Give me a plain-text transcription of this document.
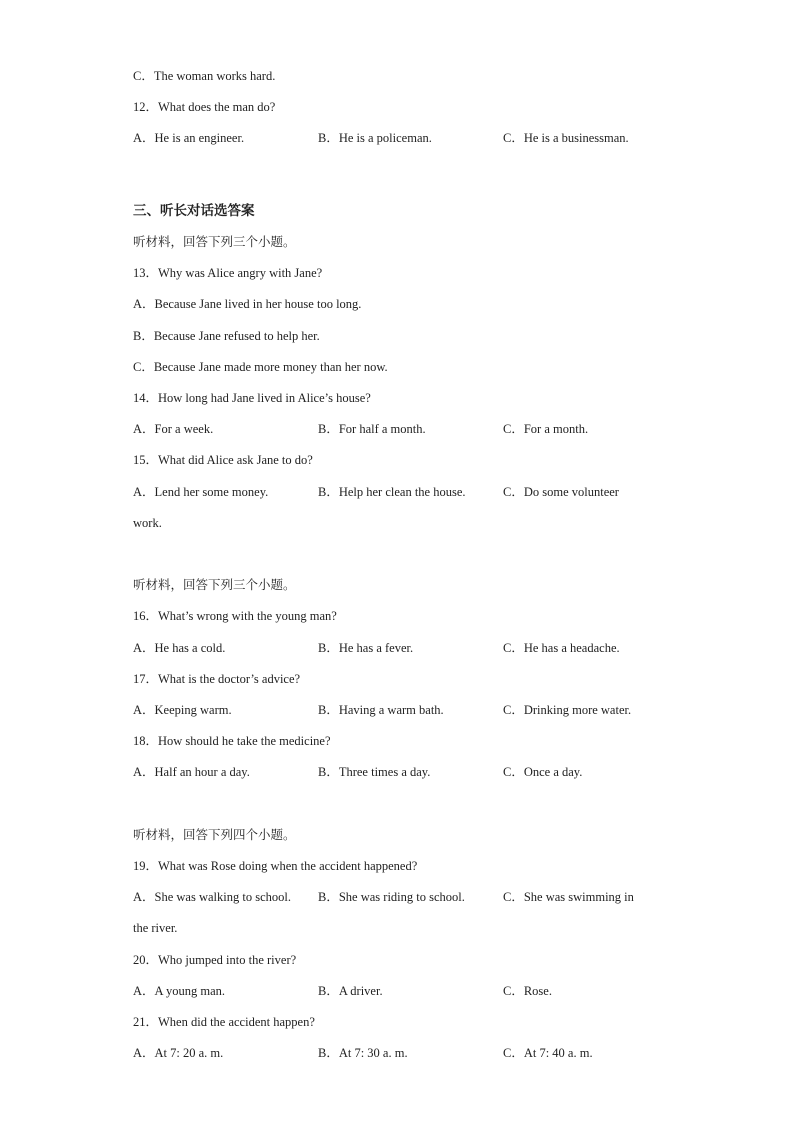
C．The woman works hard.
12．What does the man do?
A．He is an engineer.	B．He is a policeman.	C．He is a businessman.
三、听长对话选答案
听材料，回答下列三个小题。
13．Why was Alice angry with Jane?
A．Because Jane lived in her house too long.
B．Because Jane refused to help her.
C．Because Jane made more money than her now.
14．How long had Jane lived in Alice’s house?
A．For a week.	B．For half a month.	C．For a month.
15．What did Alice ask Jane to do?
A．Lend her some money.	B．Help her clean the house.	C．Do some volunteer
work.
听材料，回答下列三个小题。
16．What’s wrong with the young man?
A．He has a cold.	B．He has a fever.	C．He has a headache.
17．What is the doctor’s advice?
A．Keeping warm.	B．Having a warm bath.	C．Drinking more water.
18．How should he take the medicine?
A．Half an hour a day.	B．Three times a day.	C．Once a day.
听材料，回答下列四个小题。
19．What was Rose doing when the accident happened?
A．She was walking to school. B．She was riding to school.	C．She was swimming in
the river.
20．Who jumped into the river?
A．A young man.	B．A driver.	C．Rose.
21．When did the accident happen?
A．At 7: 20 a. m.	B．At 7: 30 a. m.	C．At 7: 40 a. m.
